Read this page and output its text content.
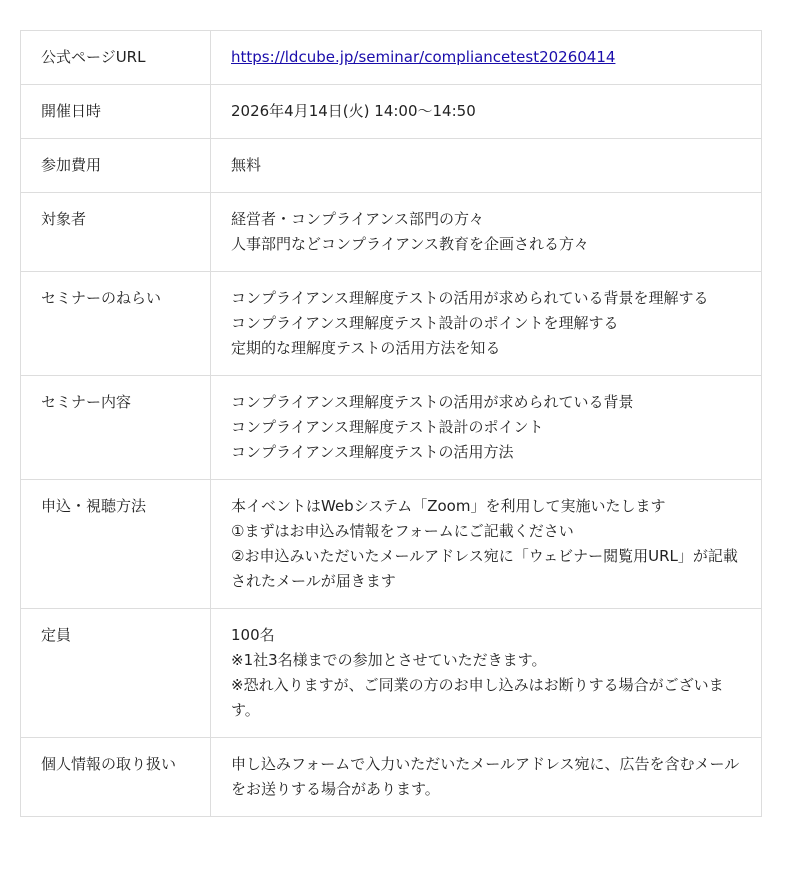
公式ページURL	https://ldcube.jp/seminar/compliancetest20260414
開催日時	2026年4月14日(火) 14:00～14:50

参加費用	無料

対象者	経営者・コンプライアンス部門の方々
人事部門などコンプライアンス教育を企画される方々

セミナーのねらい	コンプライアンス理解度テストの活用が求められている背景を理解する
コンプライアンス理解度テスト設計のポイントを理解する
定期的な理解度テストの活用方法を知る

セミナー内容	コンプライアンス理解度テストの活用が求められている背景
コンプライアンス理解度テスト設計のポイント
コンプライアンス理解度テストの活用方法

申込・視聴方法	本イベントはWebシステム「Zoom」を利用して実施いたします
①まずはお申込み情報をフォームにご記載ください
②お申込みいただいたメールアドレス宛に「ウェビナー閲覧用URL」が記載されたメールが届きます

定員	100名
※1社3名様までの参加とさせていただきます。
※恐れ入りますが、ご同業の方のお申し込みはお断りする場合がございます。

個人情報の取り扱い	申し込みフォームで入力いただいたメールアドレス宛に、広告を含むメールをお送りする場合があります。
